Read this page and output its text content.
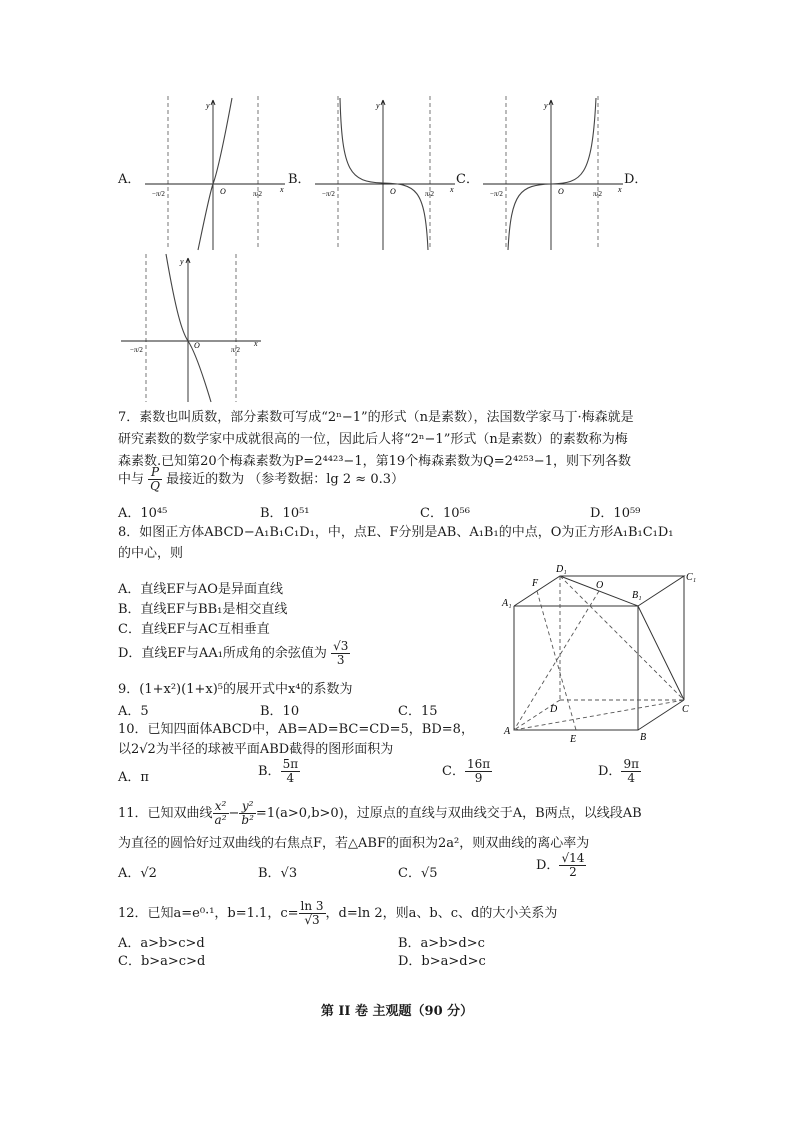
A．	B．	C．	D．
y
x
O
−π/2	π/2
y
x
O
−π/2	π/2
y
x
O
−π/2	π/2
y
x
O
−π/2	π/2
7．素数也叫质数，部分素数可写成“2ⁿ−1”的形式（n是素数），法国数学家马丁·梅森就是
研究素数的数学家中成就很高的一位，因此后人将“2ⁿ−1”形式（n是素数）的素数称为梅
森素数.已知第20个梅森素数为P=2⁴⁴²³−1，第19个梅森素数为Q=2⁴²⁵³−1，则下列各数
中与 $\frac{P}{Q}$ 最接近的数为 （参考数据：lg 2 ≈ 0.3）
A．10⁴⁵	B．10⁵¹	C．10⁵⁶	D．10⁵⁹
8．如图正方体ABCD−A₁B₁C₁D₁，中，点E、F分别是AB、A₁B₁的中点，O为正方形A₁B₁C₁D₁
的中心，则
A．直线EF与AO是异面直线
B．直线EF与BB₁是相交直线
C．直线EF与AC互相垂直
D．直线EF与AA₁所成角的余弦值为 $\frac{√3}{3}$
D₁
F	O
C₁
A₁
B₁
D
A
E	B
C
9．(1+x²)(1+x)⁵的展开式中x⁴的系数为
A．5	B．10	C．15
10．已知四面体ABCD中，AB=AD=BC=CD=5，BD=8，
以2√2为半径的球被平面ABD截得的图形面积为
A．π	B． $\frac{5\pi}{4}$	C． $\frac{16\pi}{9}$	D． $\frac{9\pi}{4}$
11．已知双曲线 $\frac{\text{x²}}{\text{a²}} - \frac{\text{y²}}{\text{b²}} =1(a>0,b>0)$，过原点的直线与双曲线交于A，B两点，以线段AB
为直径的圆恰好过双曲线的右焦点F，若△ABF的面积为2a²，则双曲线的离心率为
A．√2	B．√3	C．√5
D． $\frac{√14}{2}$
12．已知a=e⁰·¹，b=1.1，$c= \frac{\ln 3}{√3}$ ，d=ln 2，则a、b、c、d的大小关系为
A．a>b>c>d	B．a>b>d>c
C．b>a>c>d	D．b>a>d>c
第 II 卷 主观题（90 分）
